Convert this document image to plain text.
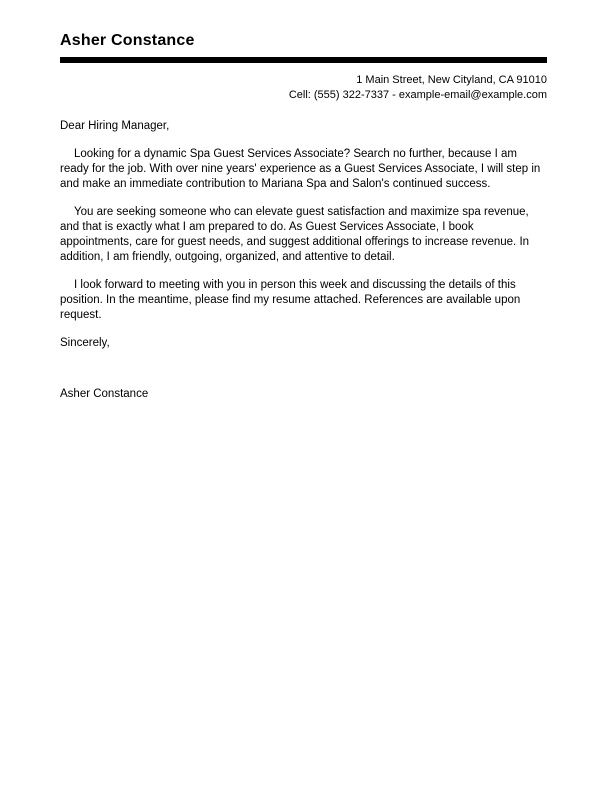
Asher Constance
1 Main Street, New Cityland, CA 91010
Cell: (555) 322-7337 - example-email@example.com
Dear Hiring Manager,

Looking for a dynamic Spa Guest Services Associate? Search no further, because I am ready for the job. With over nine years' experience as a Guest Services Associate, I will step in and make an immediate contribution to Mariana Spa and Salon's continued success.

You are seeking someone who can elevate guest satisfaction and maximize spa revenue, and that is exactly what I am prepared to do. As Guest Services Associate, I book appointments, care for guest needs, and suggest additional offerings to increase revenue. In addition, I am friendly, outgoing, organized, and attentive to detail.

I look forward to meeting with you in person this week and discussing the details of this position. In the meantime, please find my resume attached. References are available upon request.

Sincerely,
Asher Constance
